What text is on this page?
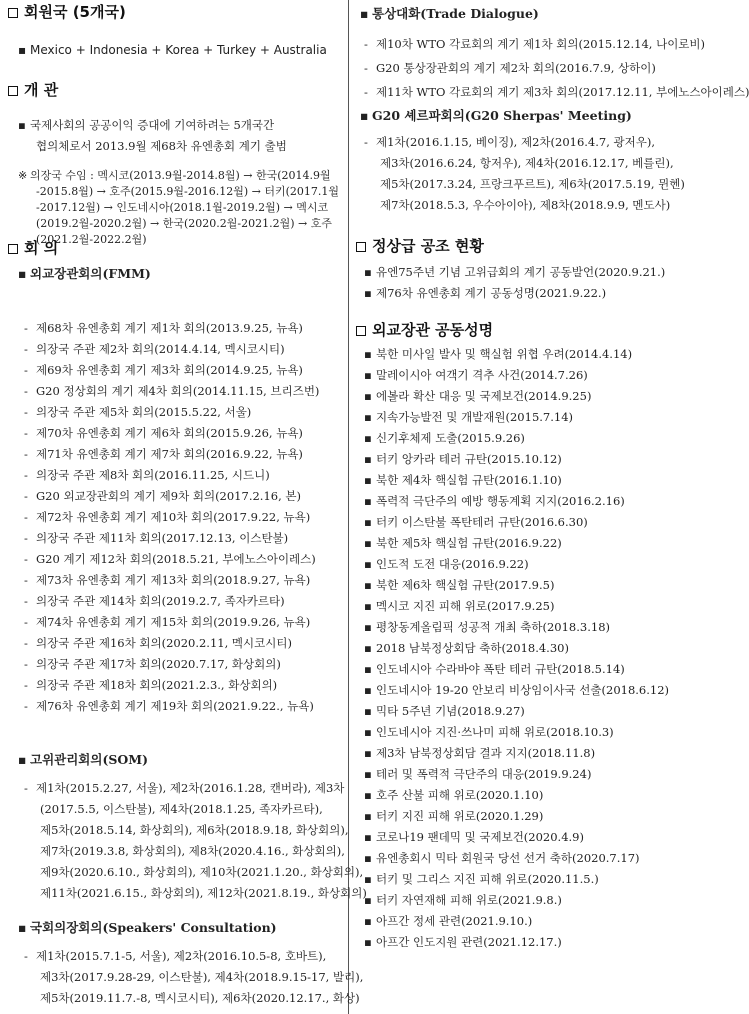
회원국 (5개국)

▪ Mexico + Indonesia + Korea + Turkey + Australia

개 관

▪ 국제사회의 공공이익 증대에 기여하려는 5개국간

협의체로서 2013.9월 제68차 유엔총회 계기 출범

※ 의장국 수임 : 멕시코(2013.9월-2014.8월) → 한국(2014.9월

-2015.8월) → 호주(2015.9월-2016.12월) → 터키(2017.1월

-2017.12월) → 인도네시아(2018.1월-2019.2월) → 멕시코

(2019.2월-2020.2월) → 한국(2020.2월-2021.2월) → 호주

(2021.2월-2022.2월)

회 의

▪ 외교장관회의(FMM)

- 제68차 유엔총회 계기 제1차 회의(2013.9.25, 뉴욕)

- 의장국 주관 제2차 회의(2014.4.14, 멕시코시티)

- 제69차 유엔총회 계기 제3차 회의(2014.9.25, 뉴욕)

- G20 정상회의 계기 제4차 회의(2014.11.15, 브리즈번)

- 의장국 주관 제5차 회의(2015.5.22, 서울)

- 제70차 유엔총회 계기 제6차 회의(2015.9.26, 뉴욕)

- 제71차 유엔총회 계기 제7차 회의(2016.9.22, 뉴욕)

- 의장국 주관 제8차 회의(2016.11.25, 시드니)

- G20 외교장관회의 계기 제9차 회의(2017.2.16, 본)

- 제72차 유엔총회 계기 제10차 회의(2017.9.22, 뉴욕)

- 의장국 주관 제11차 회의(2017.12.13, 이스탄불)

- G20 계기 제12차 회의(2018.5.21, 부에노스아이레스)

- 제73차 유엔총회 계기 제13차 회의(2018.9.27, 뉴욕)

- 의장국 주관 제14차 회의(2019.2.7, 족자카르타)

- 제74차 유엔총회 계기 제15차 회의(2019.9.26, 뉴욕)

- 의장국 주관 제16차 회의(2020.2.11, 멕시코시티)

- 의장국 주관 제17차 회의(2020.7.17, 화상회의)

- 의장국 주관 제18차 회의(2021.2.3., 화상회의)

- 제76차 유엔총회 계기 제19차 회의(2021.9.22., 뉴욕)

▪ 고위관리회의(SOM)

- 제1차(2015.2.27, 서울), 제2차(2016.1.28, 캔버라), 제3차

(2017.5.5, 이스탄불), 제4차(2018.1.25, 족자카르타),

제5차(2018.5.14, 화상회의), 제6차(2018.9.18, 화상회의),

제7차(2019.3.8, 화상회의), 제8차(2020.4.16., 화상회의),

제9차(2020.6.10., 화상회의), 제10차(2021.1.20., 화상회의),

제11차(2021.6.15., 화상회의), 제12차(2021.8.19., 화상회의)

▪ 국회의장회의(Speakers' Consultation)

- 제1차(2015.7.1-5, 서울), 제2차(2016.10.5-8, 호바트),

제3차(2017.9.28-29, 이스탄불), 제4차(2018.9.15-17, 발리),

제5차(2019.11.7.-8, 멕시코시티), 제6차(2020.12.17., 화상)

▪ 통상대화(Trade Dialogue)

- 제10차 WTO 각료회의 계기 제1차 회의(2015.12.14, 나이로비)

- G20 통상장관회의 계기 제2차 회의(2016.7.9, 상하이)

- 제11차 WTO 각료회의 계기 제3차 회의(2017.12.11, 부에노스아이레스)

▪ G20 셰르파회의(G20 Sherpas' Meeting)

- 제1차(2016.1.15, 베이징), 제2차(2016.4.7, 광저우),

제3차(2016.6.24, 항저우), 제4차(2016.12.17, 베를린),

제5차(2017.3.24, 프랑크푸르트), 제6차(2017.5.19, 뮌헨)

제7차(2018.5.3, 우수아이아), 제8차(2018.9.9, 멘도사)

정상급 공조 현황

▪ 유엔75주년 기념 고위급회의 계기 공동발언(2020.9.21.)

▪ 제76차 유엔총회 계기 공동성명(2021.9.22.)

외교장관 공동성명

▪ 북한 미사일 발사 및 핵실험 위협 우려(2014.4.14)

▪ 말레이시아 여객기 격추 사건(2014.7.26)

▪ 에볼라 확산 대응 및 국제보건(2014.9.25)

▪ 지속가능발전 및 개발재원(2015.7.14)

▪ 신기후체제 도출(2015.9.26)

▪ 터키 앙카라 테러 규탄(2015.10.12)

▪ 북한 제4차 핵실험 규탄(2016.1.10)

▪ 폭력적 극단주의 예방 행동계획 지지(2016.2.16)

▪ 터키 이스탄불 폭탄테러 규탄(2016.6.30)

▪ 북한 제5차 핵실험 규탄(2016.9.22)

▪ 인도적 도전 대응(2016.9.22)

▪ 북한 제6차 핵실험 규탄(2017.9.5)

▪ 멕시코 지진 피해 위로(2017.9.25)

▪ 평창동계올림픽 성공적 개최 축하(2018.3.18)

▪ 2018 남북정상회담 축하(2018.4.30)

▪ 인도네시아 수라바야 폭탄 테러 규탄(2018.5.14)

▪ 인도네시아 19-20 안보리 비상임이사국 선출(2018.6.12)

▪ 믹타 5주년 기념(2018.9.27)

▪ 인도네시아 지진·쓰나미 피해 위로(2018.10.3)

▪ 제3차 남북정상회담 결과 지지(2018.11.8)

▪ 테러 및 폭력적 극단주의 대응(2019.9.24)

▪ 호주 산불 피해 위로(2020.1.10)

▪ 터키 지진 피해 위로(2020.1.29)

▪ 코로나19 팬데믹 및 국제보건(2020.4.9)

▪ 유엔총회시 믹타 회원국 당선 선거 축하(2020.7.17)

▪ 터키 및 그리스 지진 피해 위로(2020.11.5.)

▪ 터키 자연재해 피해 위로(2021.9.8.)

▪ 아프간 정세 관련(2021.9.10.)

▪ 아프간 인도지원 관련(2021.12.17.)
